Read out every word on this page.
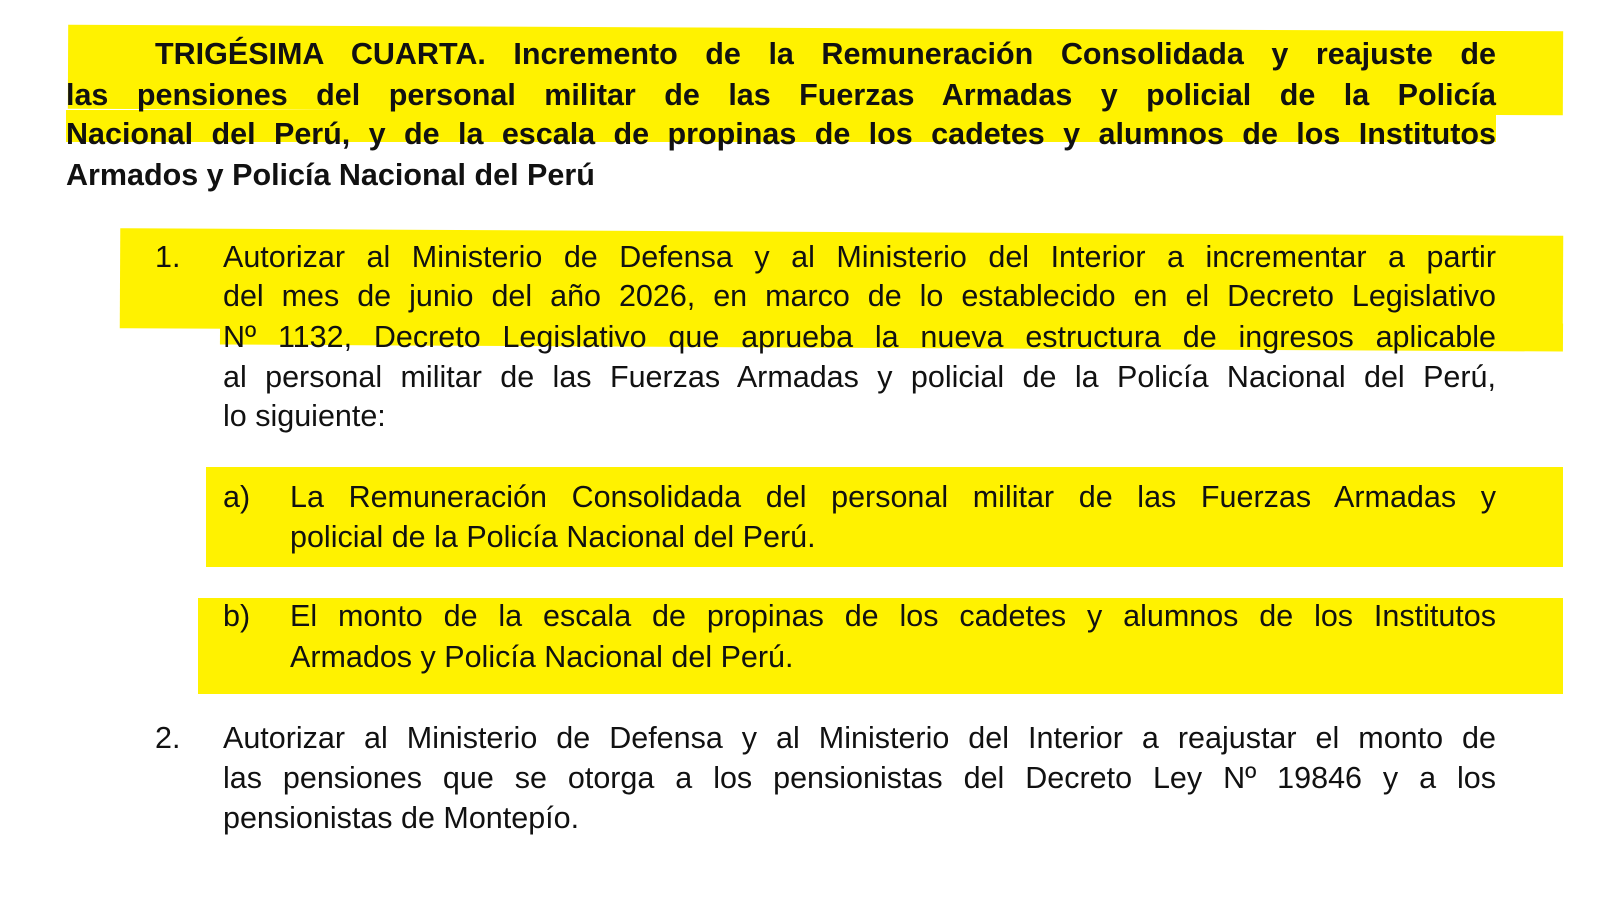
TRIGÉSIMA CUARTA. Incremento de la Remuneración Consolidada y reajuste de
las pensiones del personal militar de las Fuerzas Armadas y policial de la Policía
Nacional del Perú, y de la escala de propinas de los cadetes y alumnos de los Institutos
Armados y Policía Nacional del Perú
1. Autorizar al Ministerio de Defensa y al Ministerio del Interior a incrementar a partir
del mes de junio del año 2026, en marco de lo establecido en el Decreto Legislativo
Nº 1132, Decreto Legislativo que aprueba la nueva estructura de ingresos aplicable
al personal militar de las Fuerzas Armadas y policial de la Policía Nacional del Perú,
lo siguiente:
a) La Remuneración Consolidada del personal militar de las Fuerzas Armadas y
policial de la Policía Nacional del Perú.
b) El monto de la escala de propinas de los cadetes y alumnos de los Institutos
Armados y Policía Nacional del Perú.
2. Autorizar al Ministerio de Defensa y al Ministerio del Interior a reajustar el monto de
las pensiones que se otorga a los pensionistas del Decreto Ley Nº 19846 y a los
pensionistas de Montepío.
